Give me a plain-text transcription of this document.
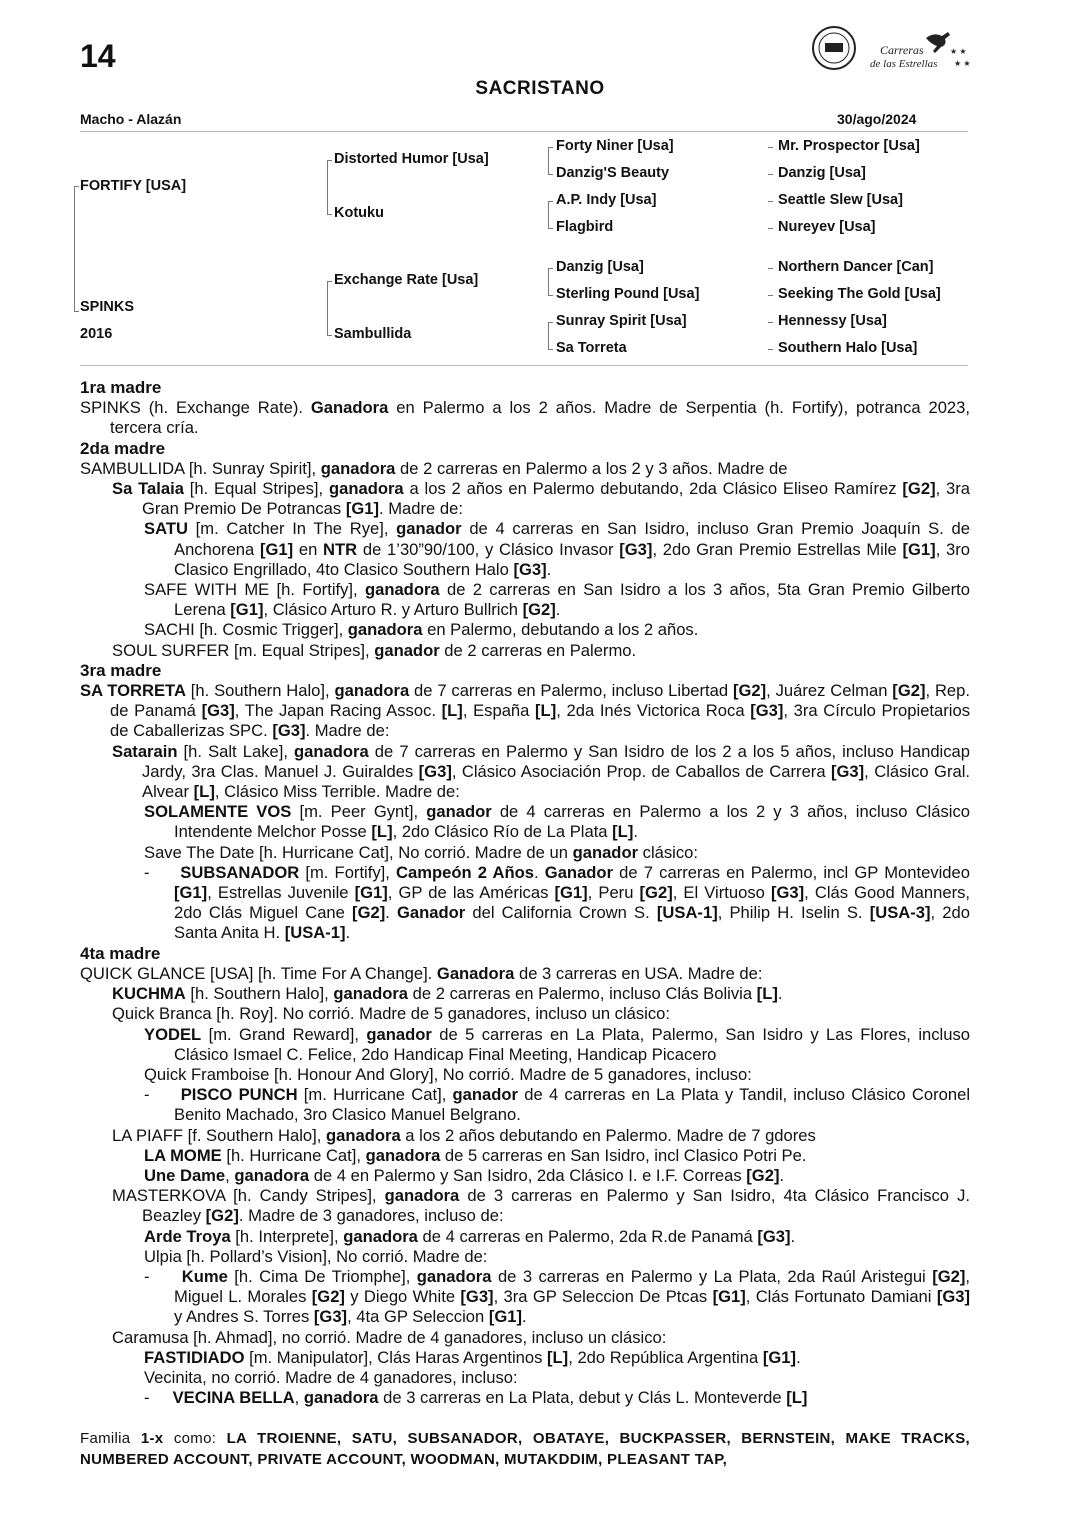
14	Carreras
de las Estrellas
★ ★
★ ★
SACRISTANO
Macho - Alazán	30/ago/2024
FORTIFY [USA]
SPINKS
2016
Distorted Humor [Usa]
Kotuku
Exchange Rate [Usa]
Sambullida
Forty Niner [Usa]
Danzig'S Beauty
A.P. Indy [Usa]
Flagbird
Danzig [Usa]
Sterling Pound [Usa]
Sunray Spirit [Usa]
Sa Torreta
Mr. Prospector [Usa]
Danzig [Usa]
Seattle Slew [Usa]
Nureyev [Usa]
Northern Dancer [Can]
Seeking The Gold [Usa]
Hennessy [Usa]
Southern Halo [Usa]

1ra madre

SPINKS (h. Exchange Rate). Ganadora en Palermo a los 2 años. Madre de Serpentia (h. Fortify), potranca 2023, tercera cría.

2da madre

SAMBULLIDA [h. Sunray Spirit], ganadora de 2 carreras en Palermo a los 2 y 3 años. Madre de

Sa Talaia [h. Equal Stripes], ganadora a los 2 años en Palermo debutando, 2da Clásico Eliseo Ramírez [G2], 3ra Gran Premio De Potrancas [G1]. Madre de:

SATU [m. Catcher In The Rye], ganador de 4 carreras en San Isidro, incluso Gran Premio Joaquín S. de Anchorena [G1] en NTR de 1’30”90/100, y Clásico Invasor [G3], 2do Gran Premio Estrellas Mile [G1], 3ro Clasico Engrillado, 4to Clasico Southern Halo [G3].

SAFE WITH ME [h. Fortify], ganadora de 2 carreras en San Isidro a los 3 años, 5ta Gran Premio Gilberto Lerena [G1], Clásico Arturo R. y Arturo Bullrich [G2].

SACHI [h. Cosmic Trigger], ganadora en Palermo, debutando a los 2 años.

SOUL SURFER [m. Equal Stripes], ganador de 2 carreras en Palermo.

3ra madre

SA TORRETA [h. Southern Halo], ganadora de 7 carreras en Palermo, incluso Libertad [G2], Juárez Celman [G2], Rep. de Panamá [G3], The Japan Racing Assoc. [L], España [L], 2da Inés Victorica Roca [G3], 3ra Círculo Propietarios de Caballerizas SPC. [G3]. Madre de:

Satarain [h. Salt Lake], ganadora de 7 carreras en Palermo y San Isidro de los 2 a los 5 años, incluso Handicap Jardy, 3ra Clas. Manuel J. Guiraldes [G3], Clásico Asociación Prop. de Caballos de Carrera [G3], Clásico Gral. Alvear [L], Clásico Miss Terrible. Madre de:

SOLAMENTE VOS [m. Peer Gynt], ganador de 4 carreras en Palermo a los 2 y 3 años, incluso Clásico Intendente Melchor Posse [L], 2do Clásico Río de La Plata [L].

Save The Date [h. Hurricane Cat], No corrió. Madre de un ganador clásico:

-     SUBSANADOR [m. Fortify], Campeón 2 Años. Ganador de 7 carreras en Palermo, incl GP Montevideo [G1], Estrellas Juvenile [G1], GP de las Américas [G1], Peru [G2], El Virtuoso [G3], Clás Good Manners, 2do Clás Miguel Cane [G2]. Ganador del California Crown S. [USA-1], Philip H. Iselin S. [USA-3], 2do Santa Anita H. [USA-1].

4ta madre

QUICK GLANCE [USA] [h. Time For A Change]. Ganadora de 3 carreras en USA. Madre de:

KUCHMA [h. Southern Halo], ganadora de 2 carreras en Palermo, incluso Clás Bolivia [L].

Quick Branca [h. Roy]. No corrió. Madre de 5 ganadores, incluso un clásico:

YODEL [m. Grand Reward], ganador de 5 carreras en La Plata, Palermo, San Isidro y Las Flores, incluso Clásico Ismael C. Felice, 2do Handicap Final Meeting, Handicap Picacero

Quick Framboise [h. Honour And Glory], No corrió. Madre de 5 ganadores, incluso:

-     PISCO PUNCH [m. Hurricane Cat], ganador de 4 carreras en La Plata y Tandil, incluso Clásico Coronel Benito Machado, 3ro Clasico Manuel Belgrano.

LA PIAFF [f. Southern Halo], ganadora a los 2 años debutando en Palermo. Madre de 7 gdores

LA MOME [h. Hurricane Cat], ganadora de 5 carreras en San Isidro, incl Clasico Potri Pe.

Une Dame, ganadora de 4 en Palermo y San Isidro, 2da Clásico I. e I.F. Correas [G2].

MASTERKOVA [h. Candy Stripes], ganadora de 3 carreras en Palermo y San Isidro, 4ta Clásico Francisco J. Beazley [G2]. Madre de 3 ganadores, incluso de:

Arde Troya [h. Interprete], ganadora de 4 carreras en Palermo, 2da R.de Panamá [G3].

Ulpia [h. Pollard’s Vision], No corrió. Madre de:

-     Kume [h. Cima De Triomphe], ganadora de 3 carreras en Palermo y La Plata, 2da Raúl Aristegui [G2], Miguel L. Morales [G2] y Diego White [G3], 3ra GP Seleccion De Ptcas [G1], Clás Fortunato Damiani [G3] y Andres S. Torres [G3], 4ta GP Seleccion [G1].

Caramusa [h. Ahmad], no corrió. Madre de 4 ganadores, incluso un clásico:

FASTIDIADO [m. Manipulator], Clás Haras Argentinos [L], 2do República Argentina [G1].

Vecinita, no corrió. Madre de 4 ganadores, incluso:

-     VECINA BELLA, ganadora de 3 carreras en La Plata, debut y Clás L. Monteverde [L]

Familia 1-x como: LA TROIENNE, SATU, SUBSANADOR, OBATAYE, BUCKPASSER, BERNSTEIN, MAKE TRACKS, NUMBERED ACCOUNT, PRIVATE ACCOUNT, WOODMAN, MUTAKDDIM, PLEASANT TAP,
